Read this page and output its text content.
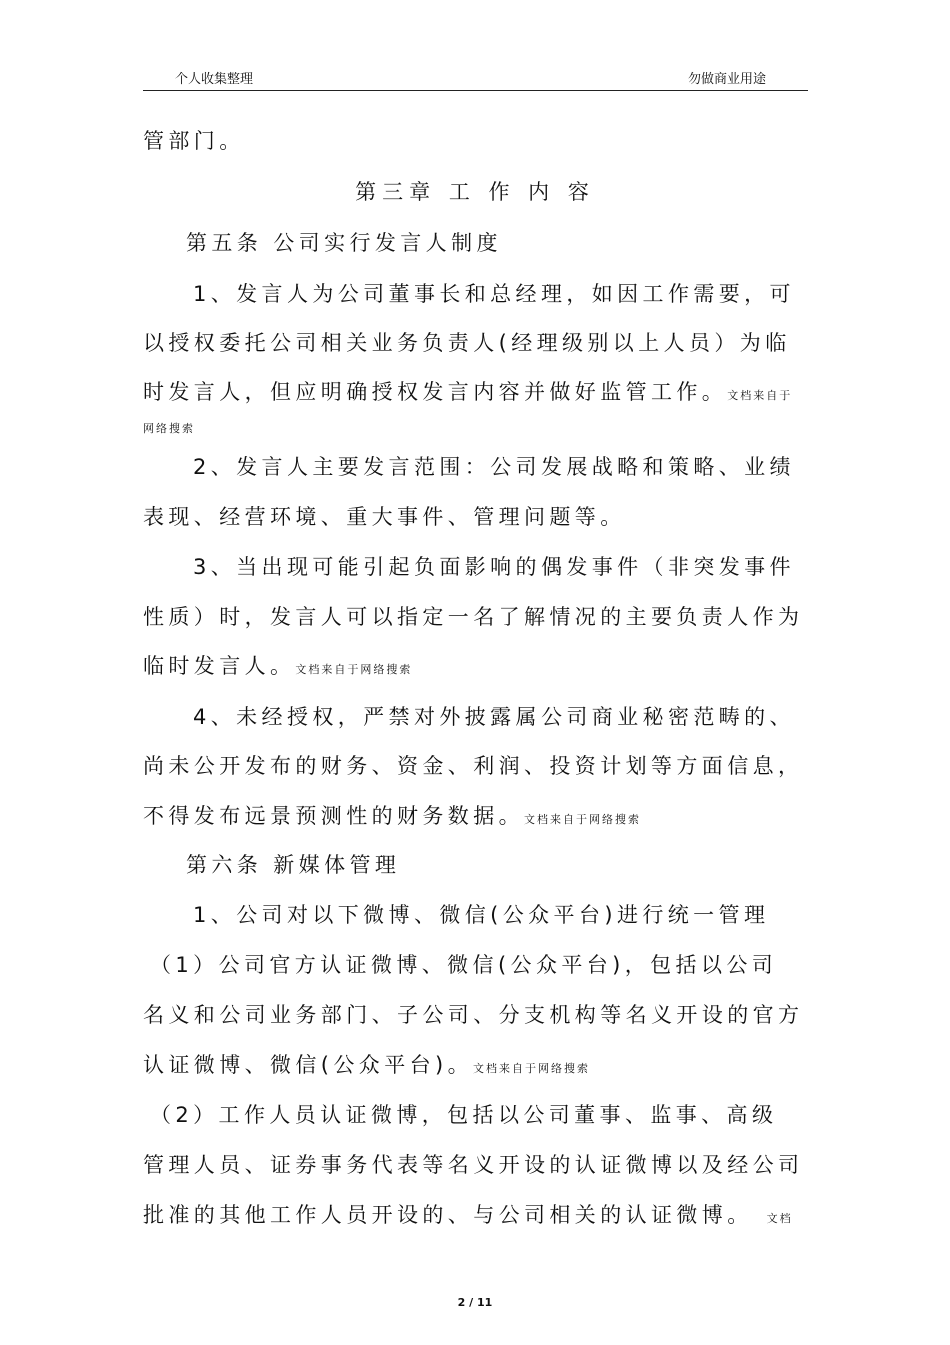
个人收集整理	勿做商业用途
管部门。
第三章 工 作 内 容
第五条 公司实行发言人制度
1、发言人为公司董事长和总经理，如因工作需要，可
以授权委托公司相关业务负责人(经理级别以上人员）为临
时发言人，但应明确授权发言内容并做好监管工作。文档来自于
网络搜索
2、发言人主要发言范围：公司发展战略和策略、业绩
表现、经营环境、重大事件、管理问题等。
3、当出现可能引起负面影响的偶发事件（非突发事件
性质）时，发言人可以指定一名了解情况的主要负责人作为
临时发言人。文档来自于网络搜索
4、未经授权，严禁对外披露属公司商业秘密范畴的、
尚未公开发布的财务、资金、利润、投资计划等方面信息，
不得发布远景预测性的财务数据。文档来自于网络搜索
第六条 新媒体管理
1、公司对以下微博、微信(公众平台)进行统一管理
（1）公司官方认证微博、微信(公众平台)，包括以公司
名义和公司业务部门、子公司、分支机构等名义开设的官方
认证微博、微信(公众平台)。文档来自于网络搜索
（2）工作人员认证微博，包括以公司董事、监事、高级
管理人员、证券事务代表等名义开设的认证微博以及经公司
批准的其他工作人员开设的、与公司相关的认证微博。 文档
2 / 11
